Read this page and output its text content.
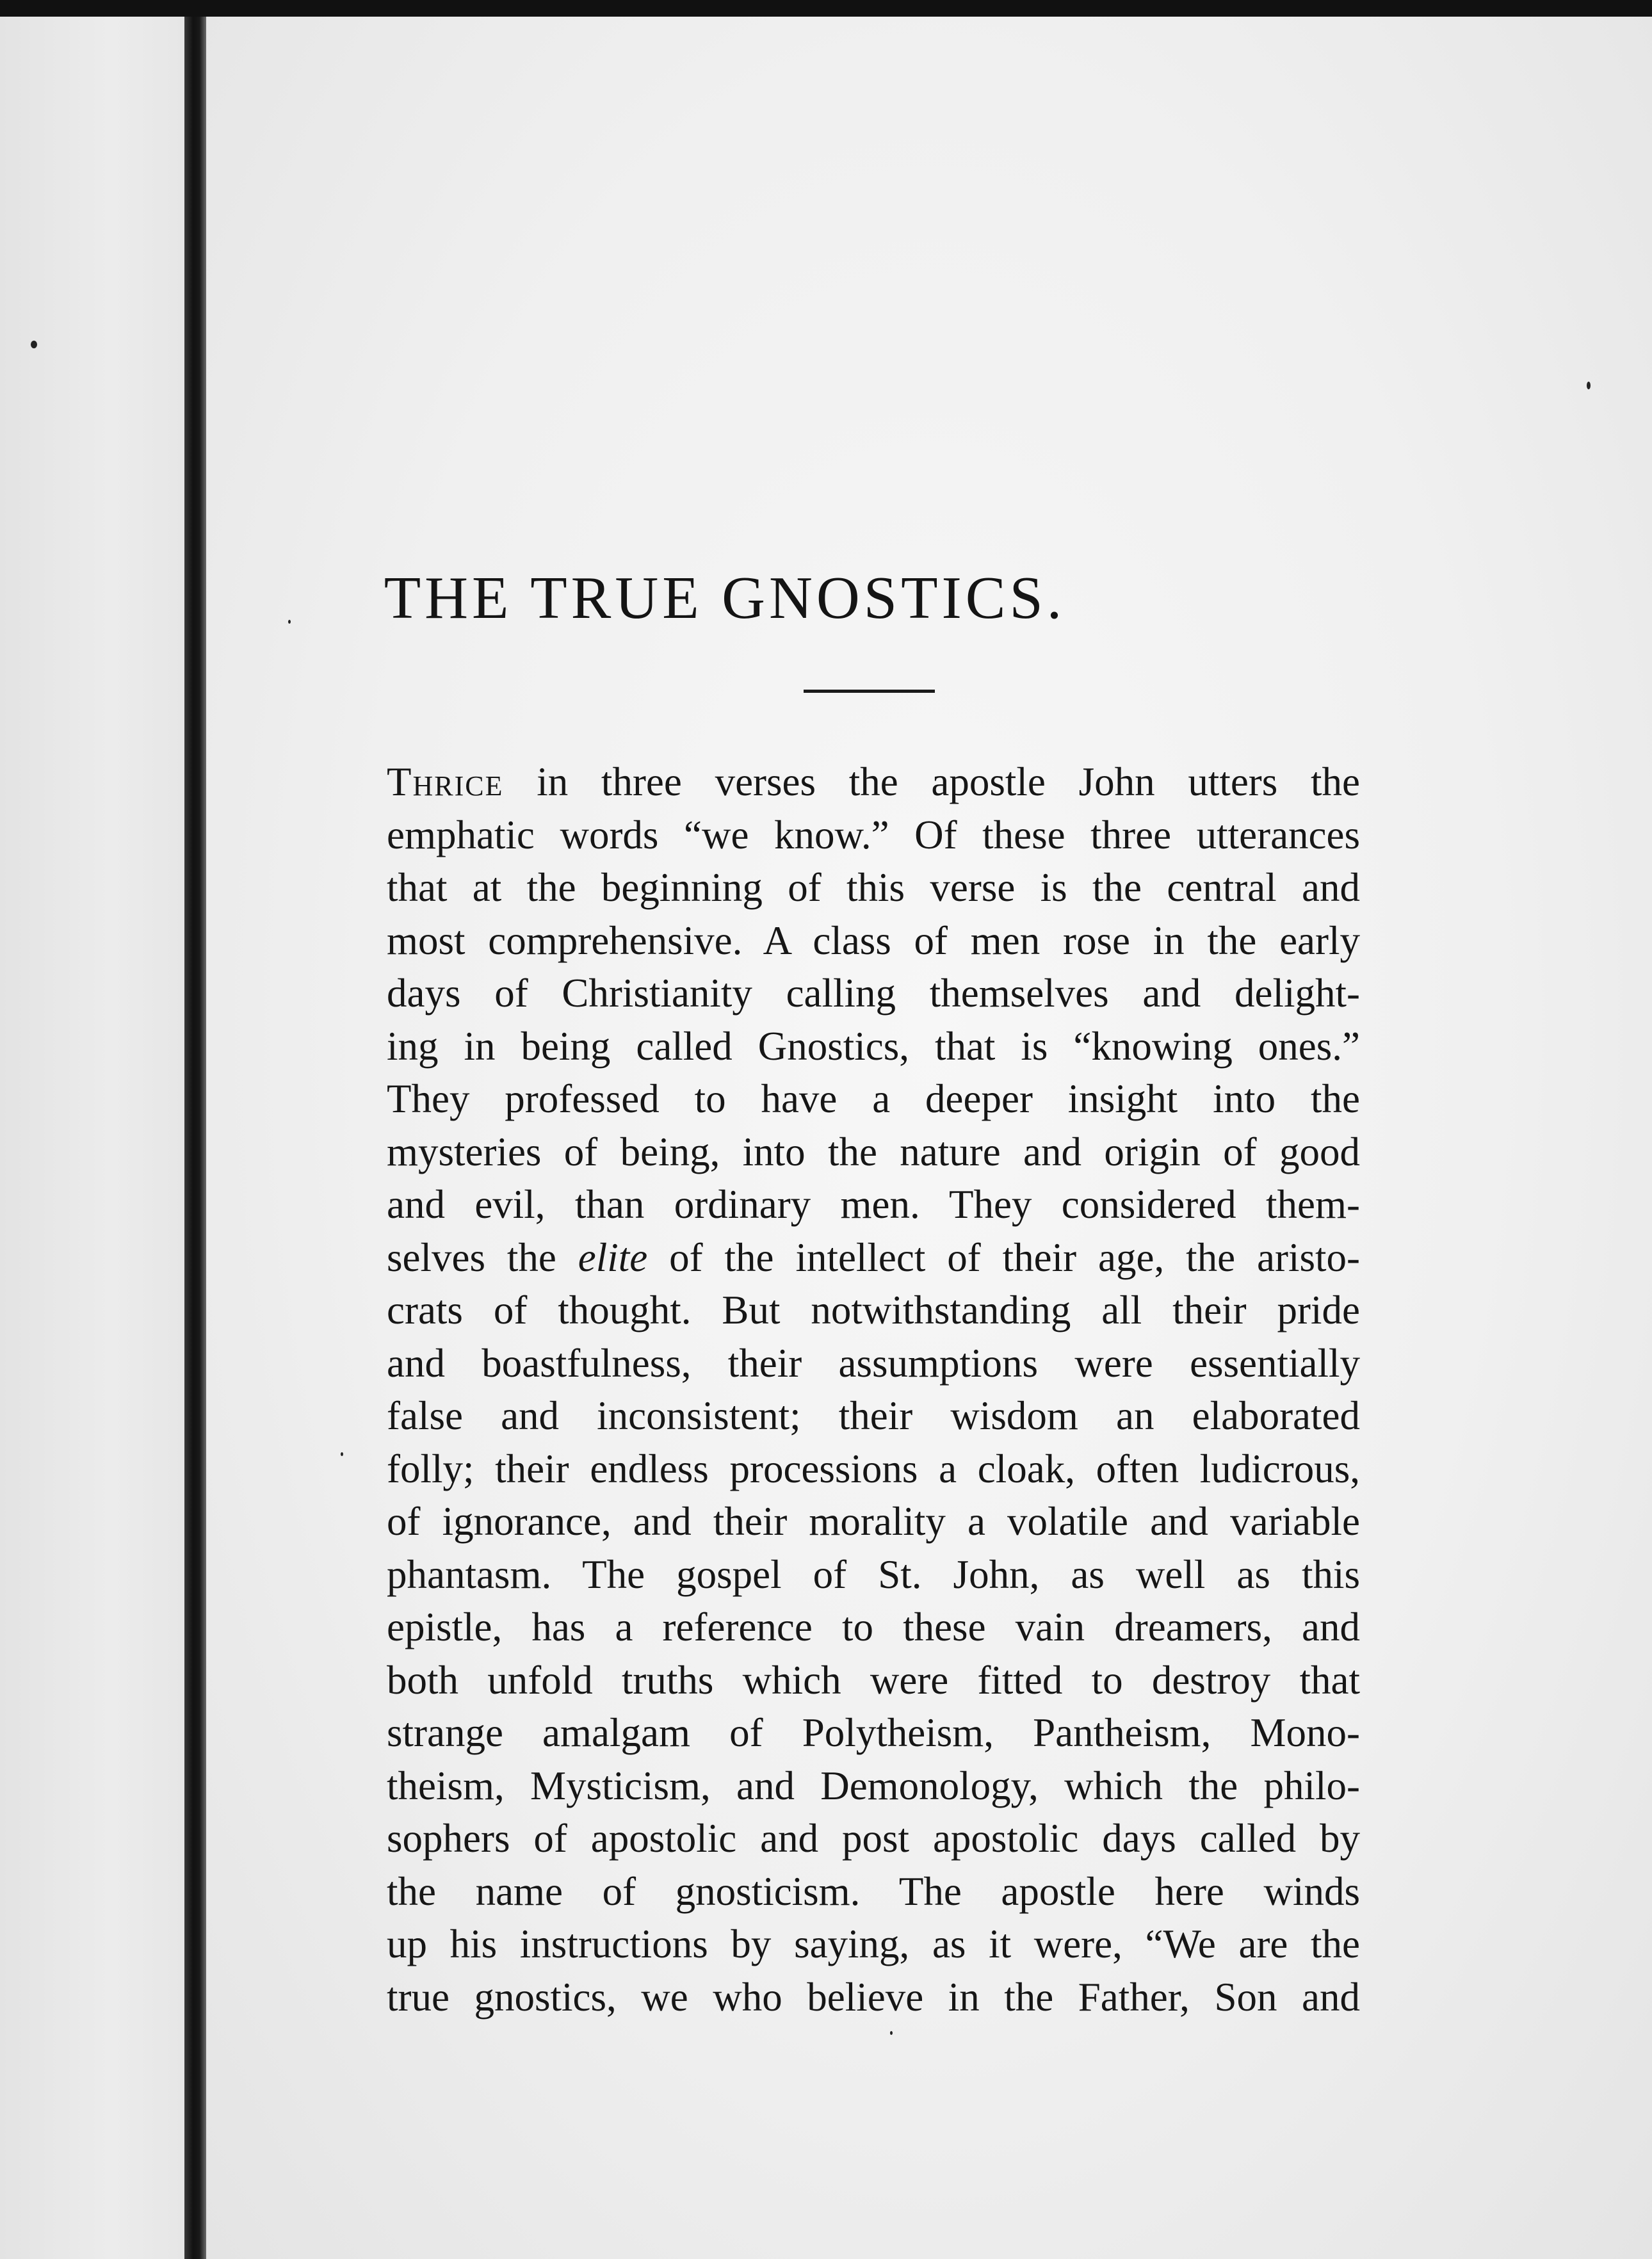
THE TRUE GNOSTICS.
Thrice in three verses the apostle John utters the
emphatic words “we know.” Of these three utterances
that at the beginning of this verse is the central and
most comprehensive. A class of men rose in the early
days of Christianity calling themselves and delight-
ing in being called Gnostics, that is “knowing ones.”
They professed to have a deeper insight into the
mysteries of being, into the nature and origin of good
and evil, than ordinary men. They considered them-
selves the elite of the intellect of their age, the aristo-
crats of thought. But notwithstanding all their pride
and boastfulness, their assumptions were essentially
false and inconsistent; their wisdom an elaborated
folly; their endless processions a cloak, often ludicrous,
of ignorance, and their morality a volatile and variable
phantasm. The gospel of St. John, as well as this
epistle, has a reference to these vain dreamers, and
both unfold truths which were fitted to destroy that
strange amalgam of Polytheism, Pantheism, Mono-
theism, Mysticism, and Demonology, which the philo-
sophers of apostolic and post apostolic days called by
the name of gnosticism. The apostle here winds
up his instructions by saying, as it were, “We are the
true gnostics, we who believe in the Father, Son and
